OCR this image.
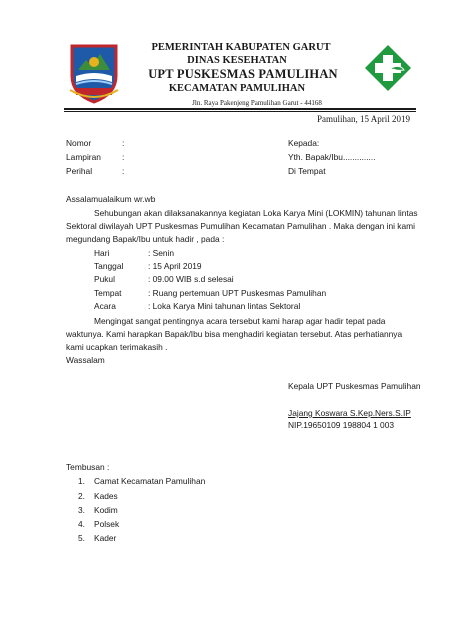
PEMERINTAH KABUPATEN GARUT
DINAS KESEHATAN
UPT PUSKESMAS PAMULIHAN
KECAMATAN PAMULIHAN
Jln. Raya Pakenjeng Pamulihan Garut - 44168
Pamulihan, 15 April 2019
Nomor	:
Lampiran	:
Perihal	:
Kepada:
Yth. Bapak/Ibu..............
Di Tempat
Assalamualaikum wr.wb
Sehubungan akan dilaksanakannya kegiatan Loka Karya Mini (LOKMIN) tahunan lintas
Sektoral diwilayah UPT Puskesmas Pumulihan Kecamatan Pamulihan . Maka dengan ini kami
megundang Bapak/Ibu untuk hadir , pada :
Hari	: Senin
Tanggal	: 15 April 2019
Pukul	: 09.00 WIB s.d selesai
Tempat	: Ruang pertemuan UPT Puskesmas Pamulihan
Acara	: Loka Karya Mini tahunan lintas Sektoral
Mengingat sangat pentingnya acara tersebut kami harap agar hadir tepat pada
waktunya. Kami harapkan Bapak/Ibu bisa menghadiri kegiatan tersebut. Atas perhatiannya
kami ucapkan terimakasih .
Wassalam
Kepala UPT Puskesmas Pamulihan
Jajang Koswara S.Kep.Ners.S.IP
NIP.19650109 198804 1 003
Tembusan :
1. Camat Kecamatan Pamulihan
2. Kades
3. Kodim
4. Polsek
5. Kader
